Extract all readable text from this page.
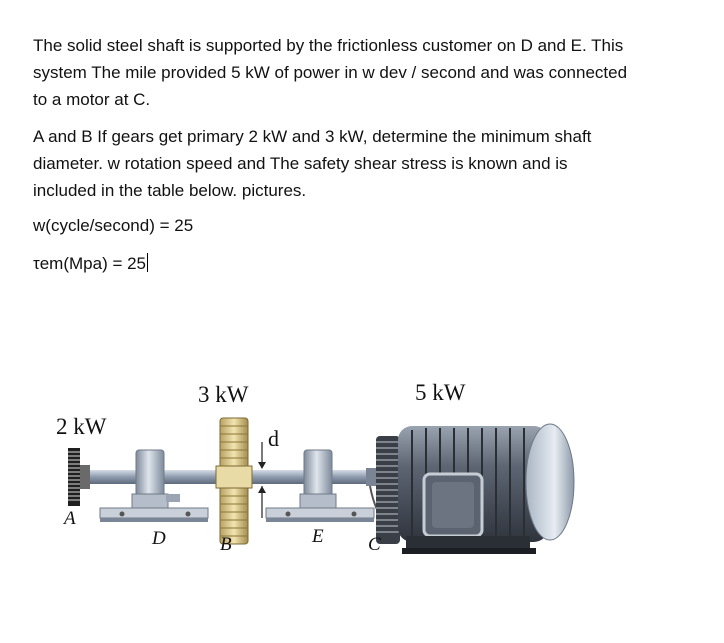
The solid steel shaft is supported by the frictionless customer on D and E. This
system The mile provided 5 kW of power in w dev / second and was connected
to a motor at C.
A and B If gears get primary 2 kW and 3 kW, determine the minimum shaft
diameter. w rotation speed and The safety shear stress is known and is
included in the table below. pictures.
w(cycle/second) = 25
τem(Mpa) = 25
2 kW
3 kW	5 kW
d
A
D	B	E C
